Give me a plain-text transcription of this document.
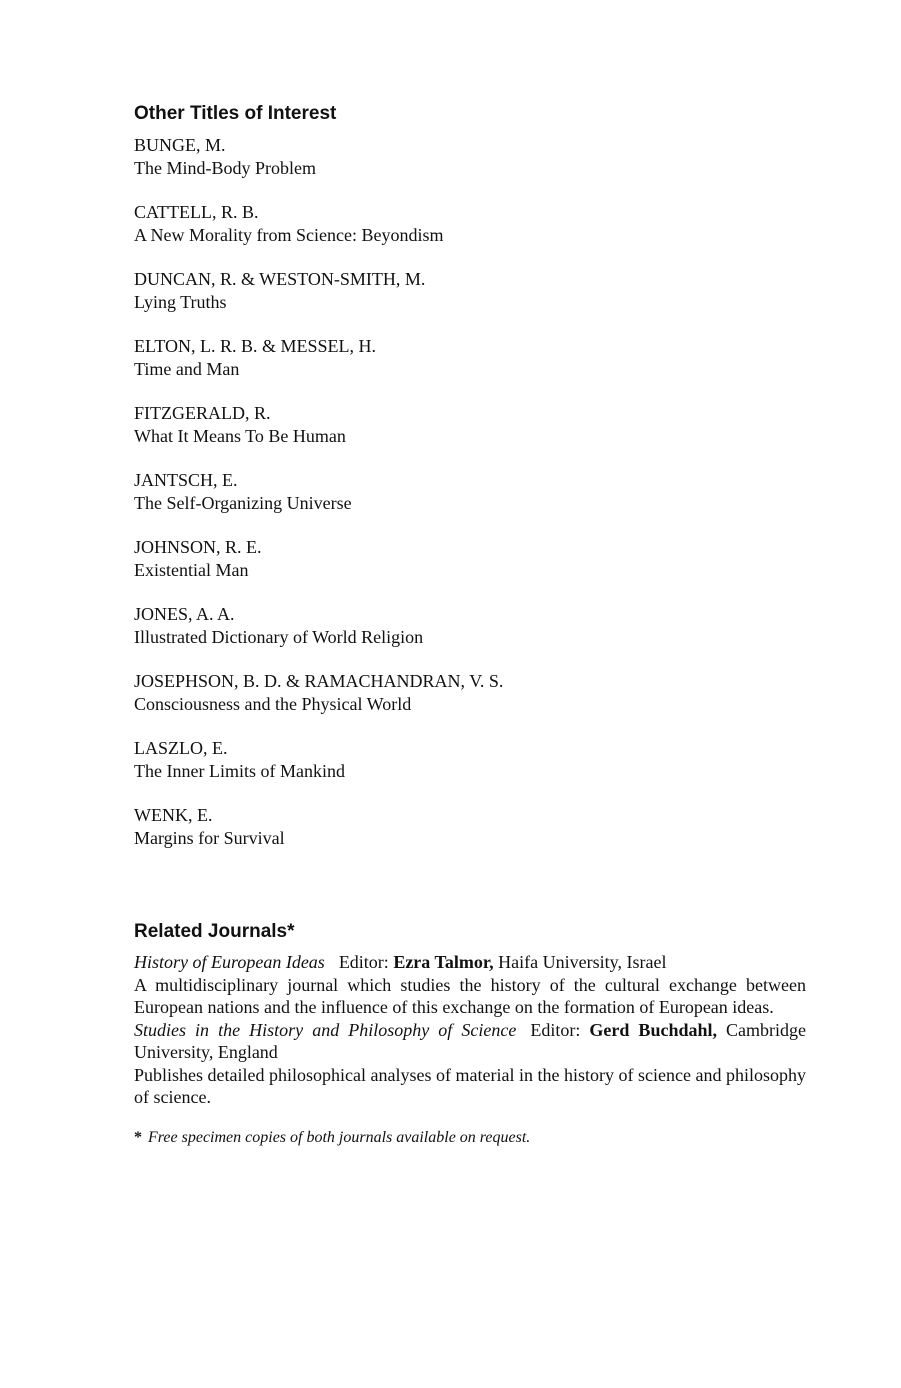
Other Titles of Interest
BUNGE, M.
The Mind-Body Problem
CATTELL, R. B.
A New Morality from Science: Beyondism
DUNCAN, R. & WESTON-SMITH, M.
Lying Truths
ELTON, L. R. B. & MESSEL, H.
Time and Man
FITZGERALD, R.
What It Means To Be Human
JANTSCH, E.
The Self-Organizing Universe
JOHNSON, R. E.
Existential Man
JONES, A. A.
Illustrated Dictionary of World Religion
JOSEPHSON, B. D. & RAMACHANDRAN, V. S.
Consciousness and the Physical World
LASZLO, E.
The Inner Limits of Mankind
WENK, E.
Margins for Survival
Related Journals*

History of European Ideas Editor: Ezra Talmor, Haifa University, Israel

A multidisciplinary journal which studies the history of the cultural exchange between European nations and the influence of this exchange on the formation of European ideas.

Studies in the History and Philosophy of Science Editor: Gerd Buchdahl, Cambridge University, England

Publishes detailed philosophical analyses of material in the history of science and philosophy of science.

* Free specimen copies of both journals available on request.
